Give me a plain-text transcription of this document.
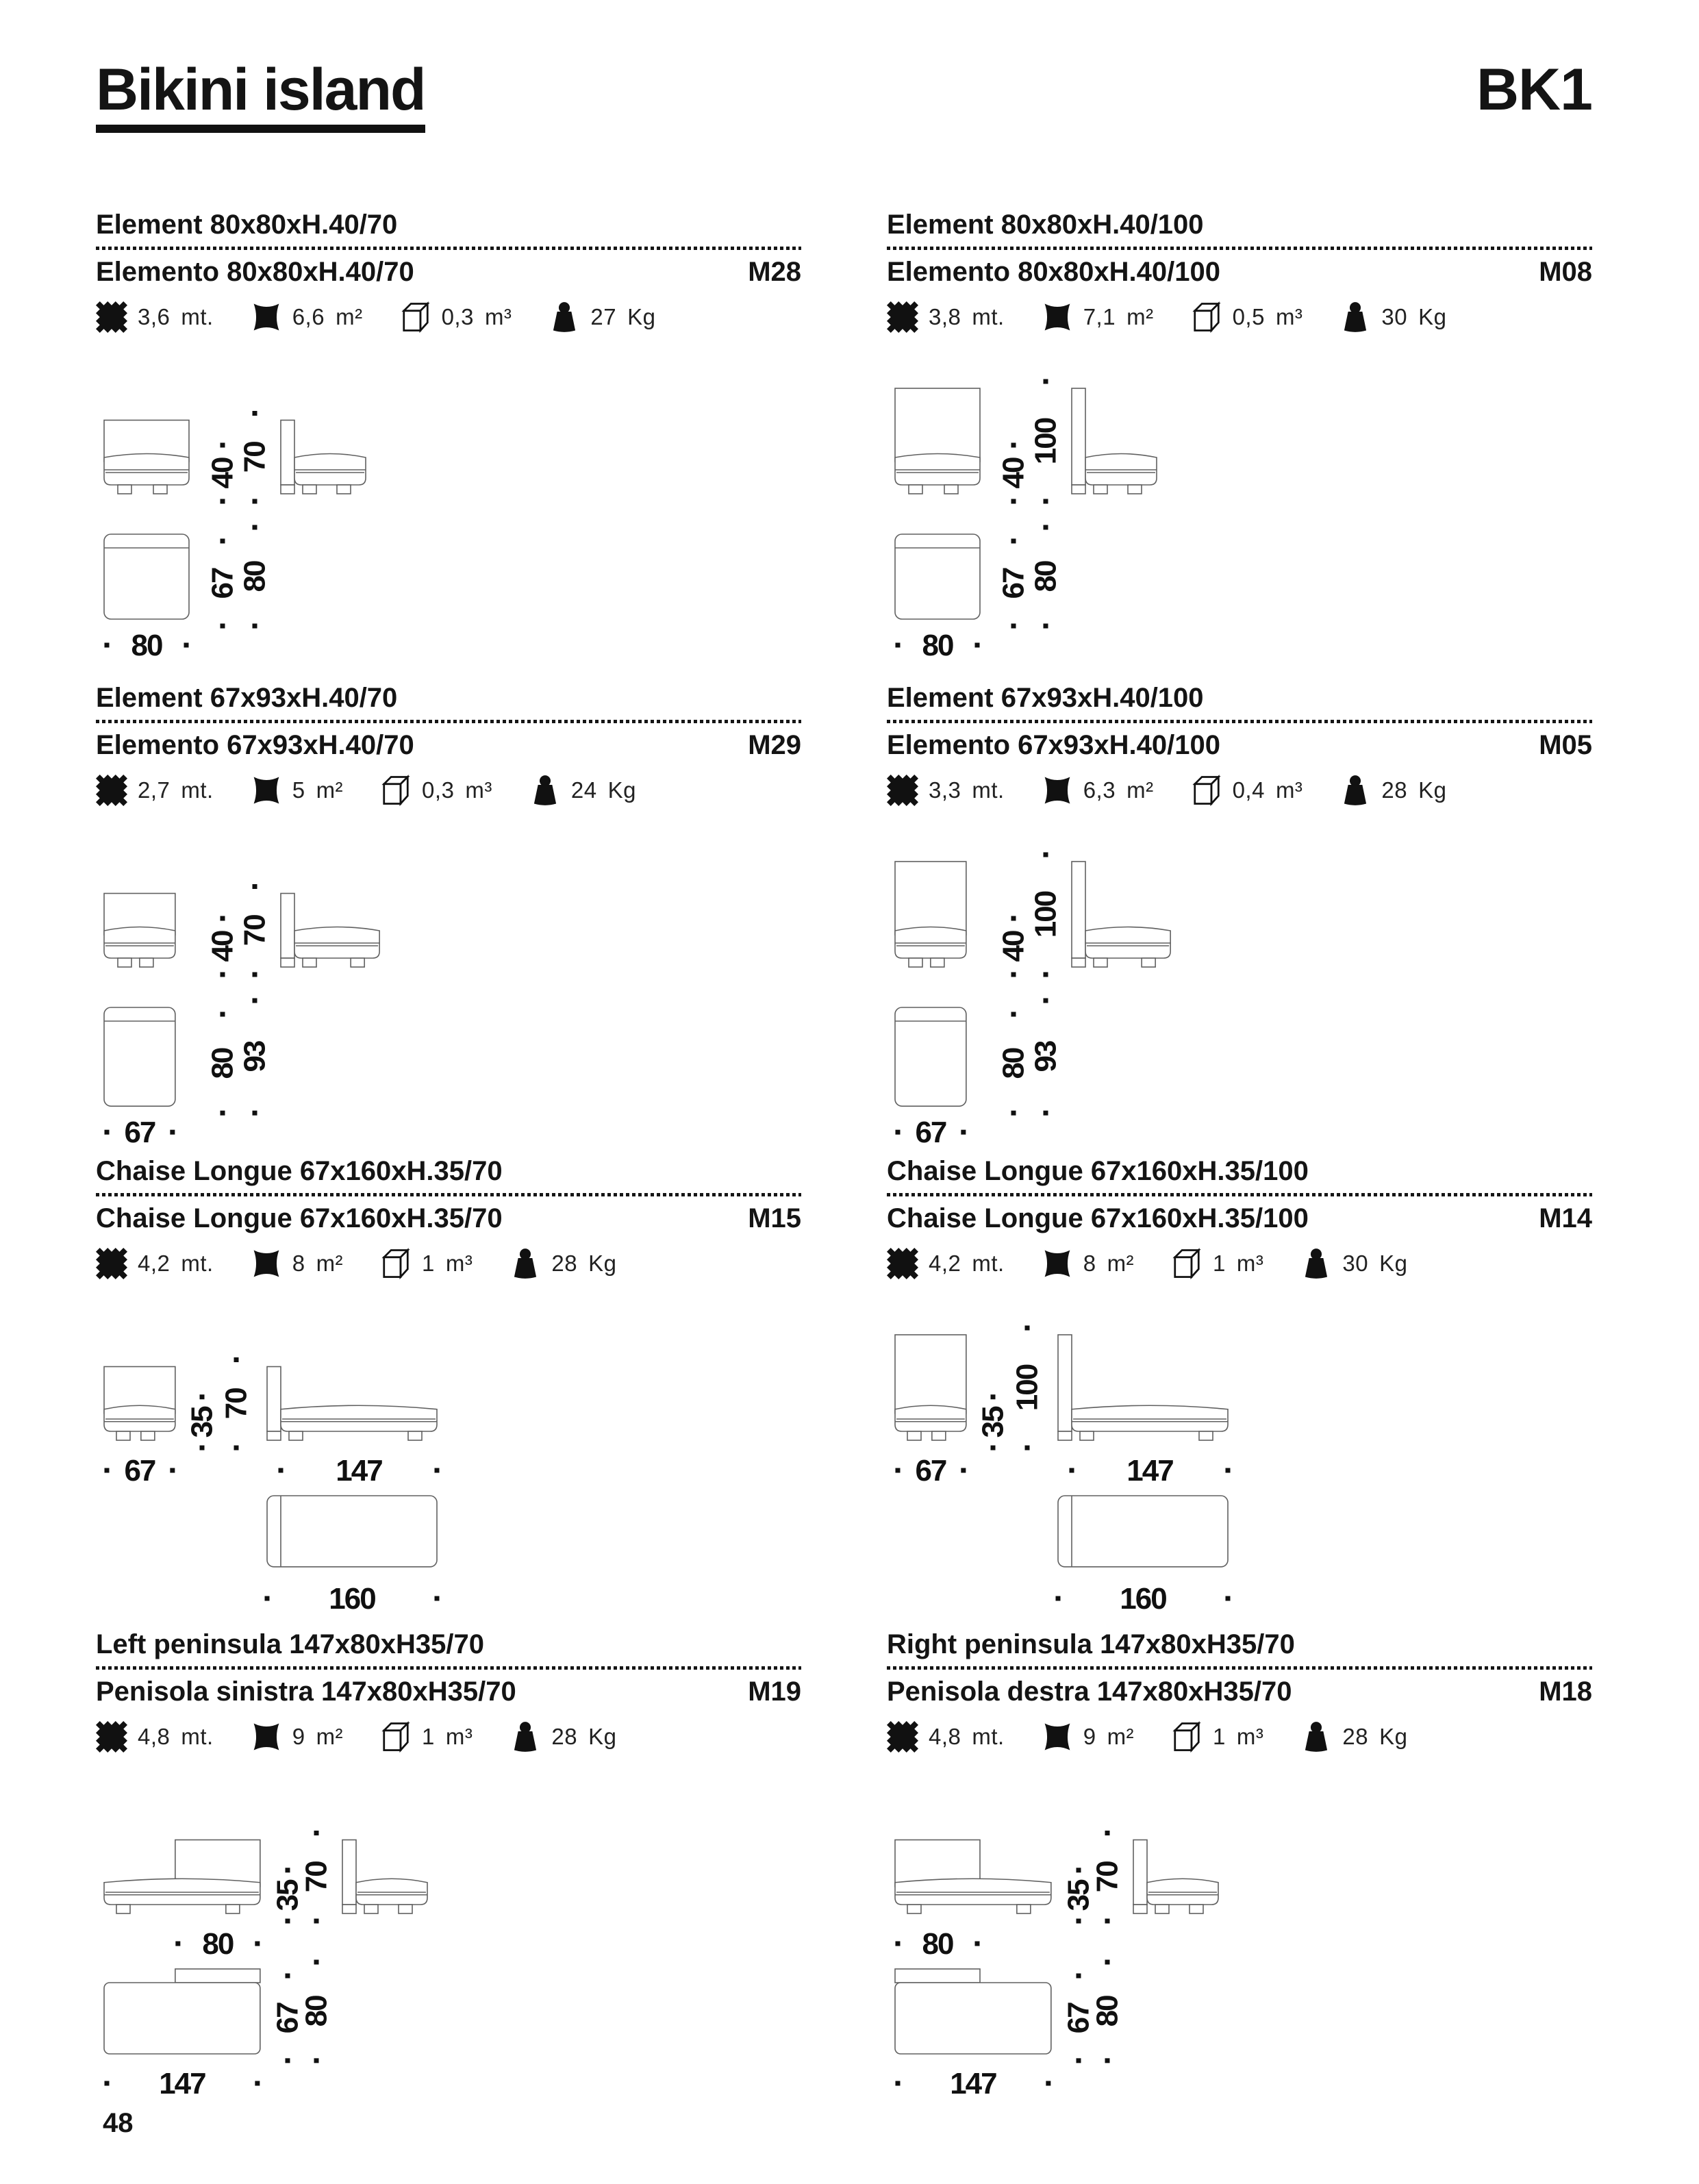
Bikini island	BK1
Element 80x80xH.40/70
Elemento 80x80xH.40/70	M28
3,6 mt.	6,6 m²	0,3 m³	27 Kg
40
70
67
80
80
Element 80x80xH.40/100
Elemento 80x80xH.40/100	M08
3,8 mt.	7,1 m²	0,5 m³	30 Kg
40
100
67
80
80
Element 67x93xH.40/70
Elemento 67x93xH.40/70	M29
2,7 mt.	5 m²	0,3 m³	24 Kg
40
70
80
93
67
Element 67x93xH.40/100
Elemento 67x93xH.40/100	M05
3,3 mt.	6,3 m²	0,4 m³	28 Kg
40
100
80
93
67
Chaise Longue 67x160xH.35/70
Chaise Longue 67x160xH.35/70	M15
4,2 mt.	8 m²	1 m³	28 Kg
67
35
70
147
160
Chaise Longue 67x160xH.35/100
Chaise Longue 67x160xH.35/100	M14
4,2 mt.	8 m²	1 m³	30 Kg
67
35
100
147
160
Left peninsula 147x80xH35/70
Penisola sinistra 147x80xH35/70	M19
4,8 mt.	9 m²	1 m³	28 Kg
80
35
70
67
80
147
Right peninsula 147x80xH35/70
Penisola destra 147x80xH35/70	M18
4,8 mt.	9 m²	1 m³	28 Kg
80
35
70
67
80
147
48
